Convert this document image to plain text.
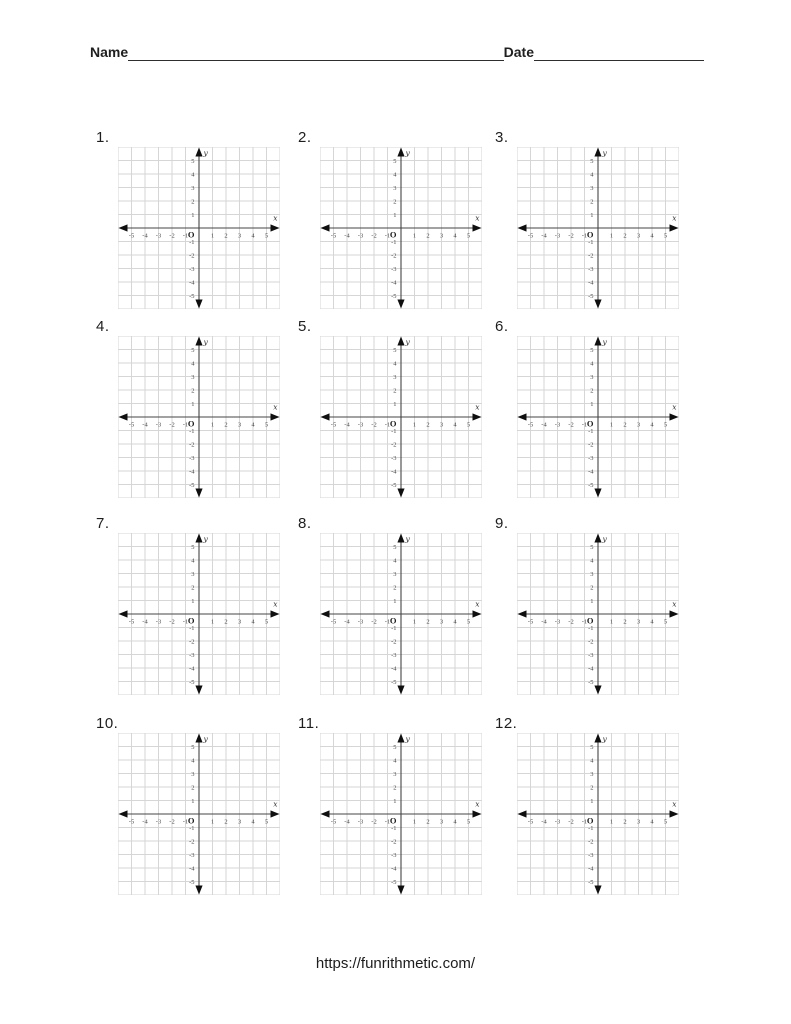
Name	Date
1.
-5 -4 -3 -2 -1	1 2 3 4 5
5
4
3
2
1
-1
-2
-3
-4
-5
O
x
y
2.
-5 -4 -3 -2 -1	1 2 3 4 5
5
4
3
2
1
-1
-2
-3
-4
-5
O
x
y
3.
-5 -4 -3 -2 -1	1 2 3 4 5
5
4
3
2
1
-1
-2
-3
-4
-5
O
x
y
4.
-5 -4 -3 -2 -1	1 2 3 4 5
5
4
3
2
1
-1
-2
-3
-4
-5
O
x
y
5.
-5 -4 -3 -2 -1	1 2 3 4 5
5
4
3
2
1
-1
-2
-3
-4
-5
O
x
y
6.
-5 -4 -3 -2 -1	1 2 3 4 5
5
4
3
2
1
-1
-2
-3
-4
-5
O
x
y
7.
-5 -4 -3 -2 -1	1 2 3 4 5
5
4
3
2
1
-1
-2
-3
-4
-5
O
x
y
8.
-5 -4 -3 -2 -1	1 2 3 4 5
5
4
3
2
1
-1
-2
-3
-4
-5
O
x
y
9.
-5 -4 -3 -2 -1	1 2 3 4 5
5
4
3
2
1
-1
-2
-3
-4
-5
O
x
y
10.
-5 -4 -3 -2 -1	1 2 3 4 5
5
4
3
2
1
-1
-2
-3
-4
-5
O
x
y
11.
-5 -4 -3 -2 -1	1 2 3 4 5
5
4
3
2
1
-1
-2
-3
-4
-5
O
x
y
12.
-5 -4 -3 -2 -1	1 2 3 4 5
5
4
3
2
1
-1
-2
-3
-4
-5
O
x
y
https://funrithmetic.com/
